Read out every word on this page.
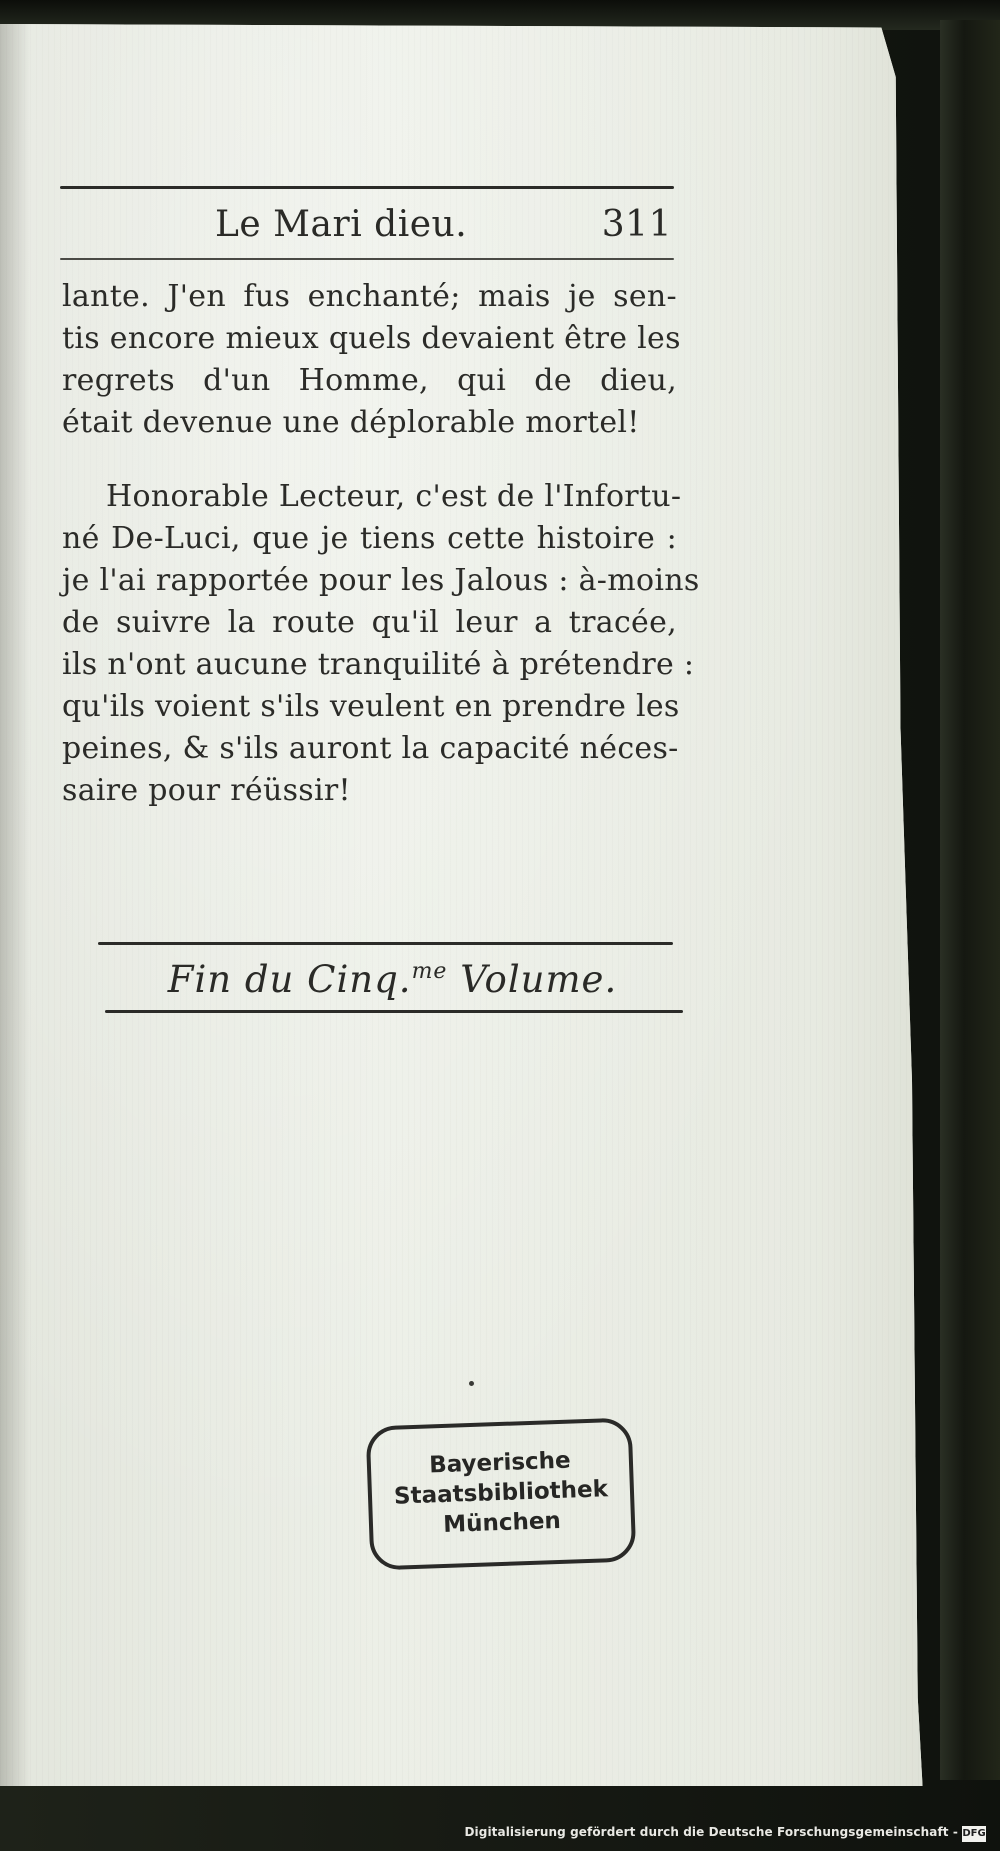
Le Mari dieu.	311
lante. J'en fus enchanté; mais je sen-
tis encore mieux quels devaient être les
regrets d'un Homme, qui de dieu,
était devenue une déplorable mortel!
Honorable Lecteur, c'est de l'Infortu-
né De-Luci, que je tiens cette histoire :
je l'ai rapportée pour les Jalous : à-moins
de suivre la route qu'il leur a tracée,
ils n'ont aucune tranquilité à prétendre :
qu'ils voient s'ils veulent en prendre les
peines, & s'ils auront la capacité néces-
saire pour réüssir!
Fin du Cinq.$^{me}$ Volume.
Bayerische
Staatsbibliothek
München
Digitalisierung gefördert durch die Deutsche Forschungsgemeinschaft - DFG
